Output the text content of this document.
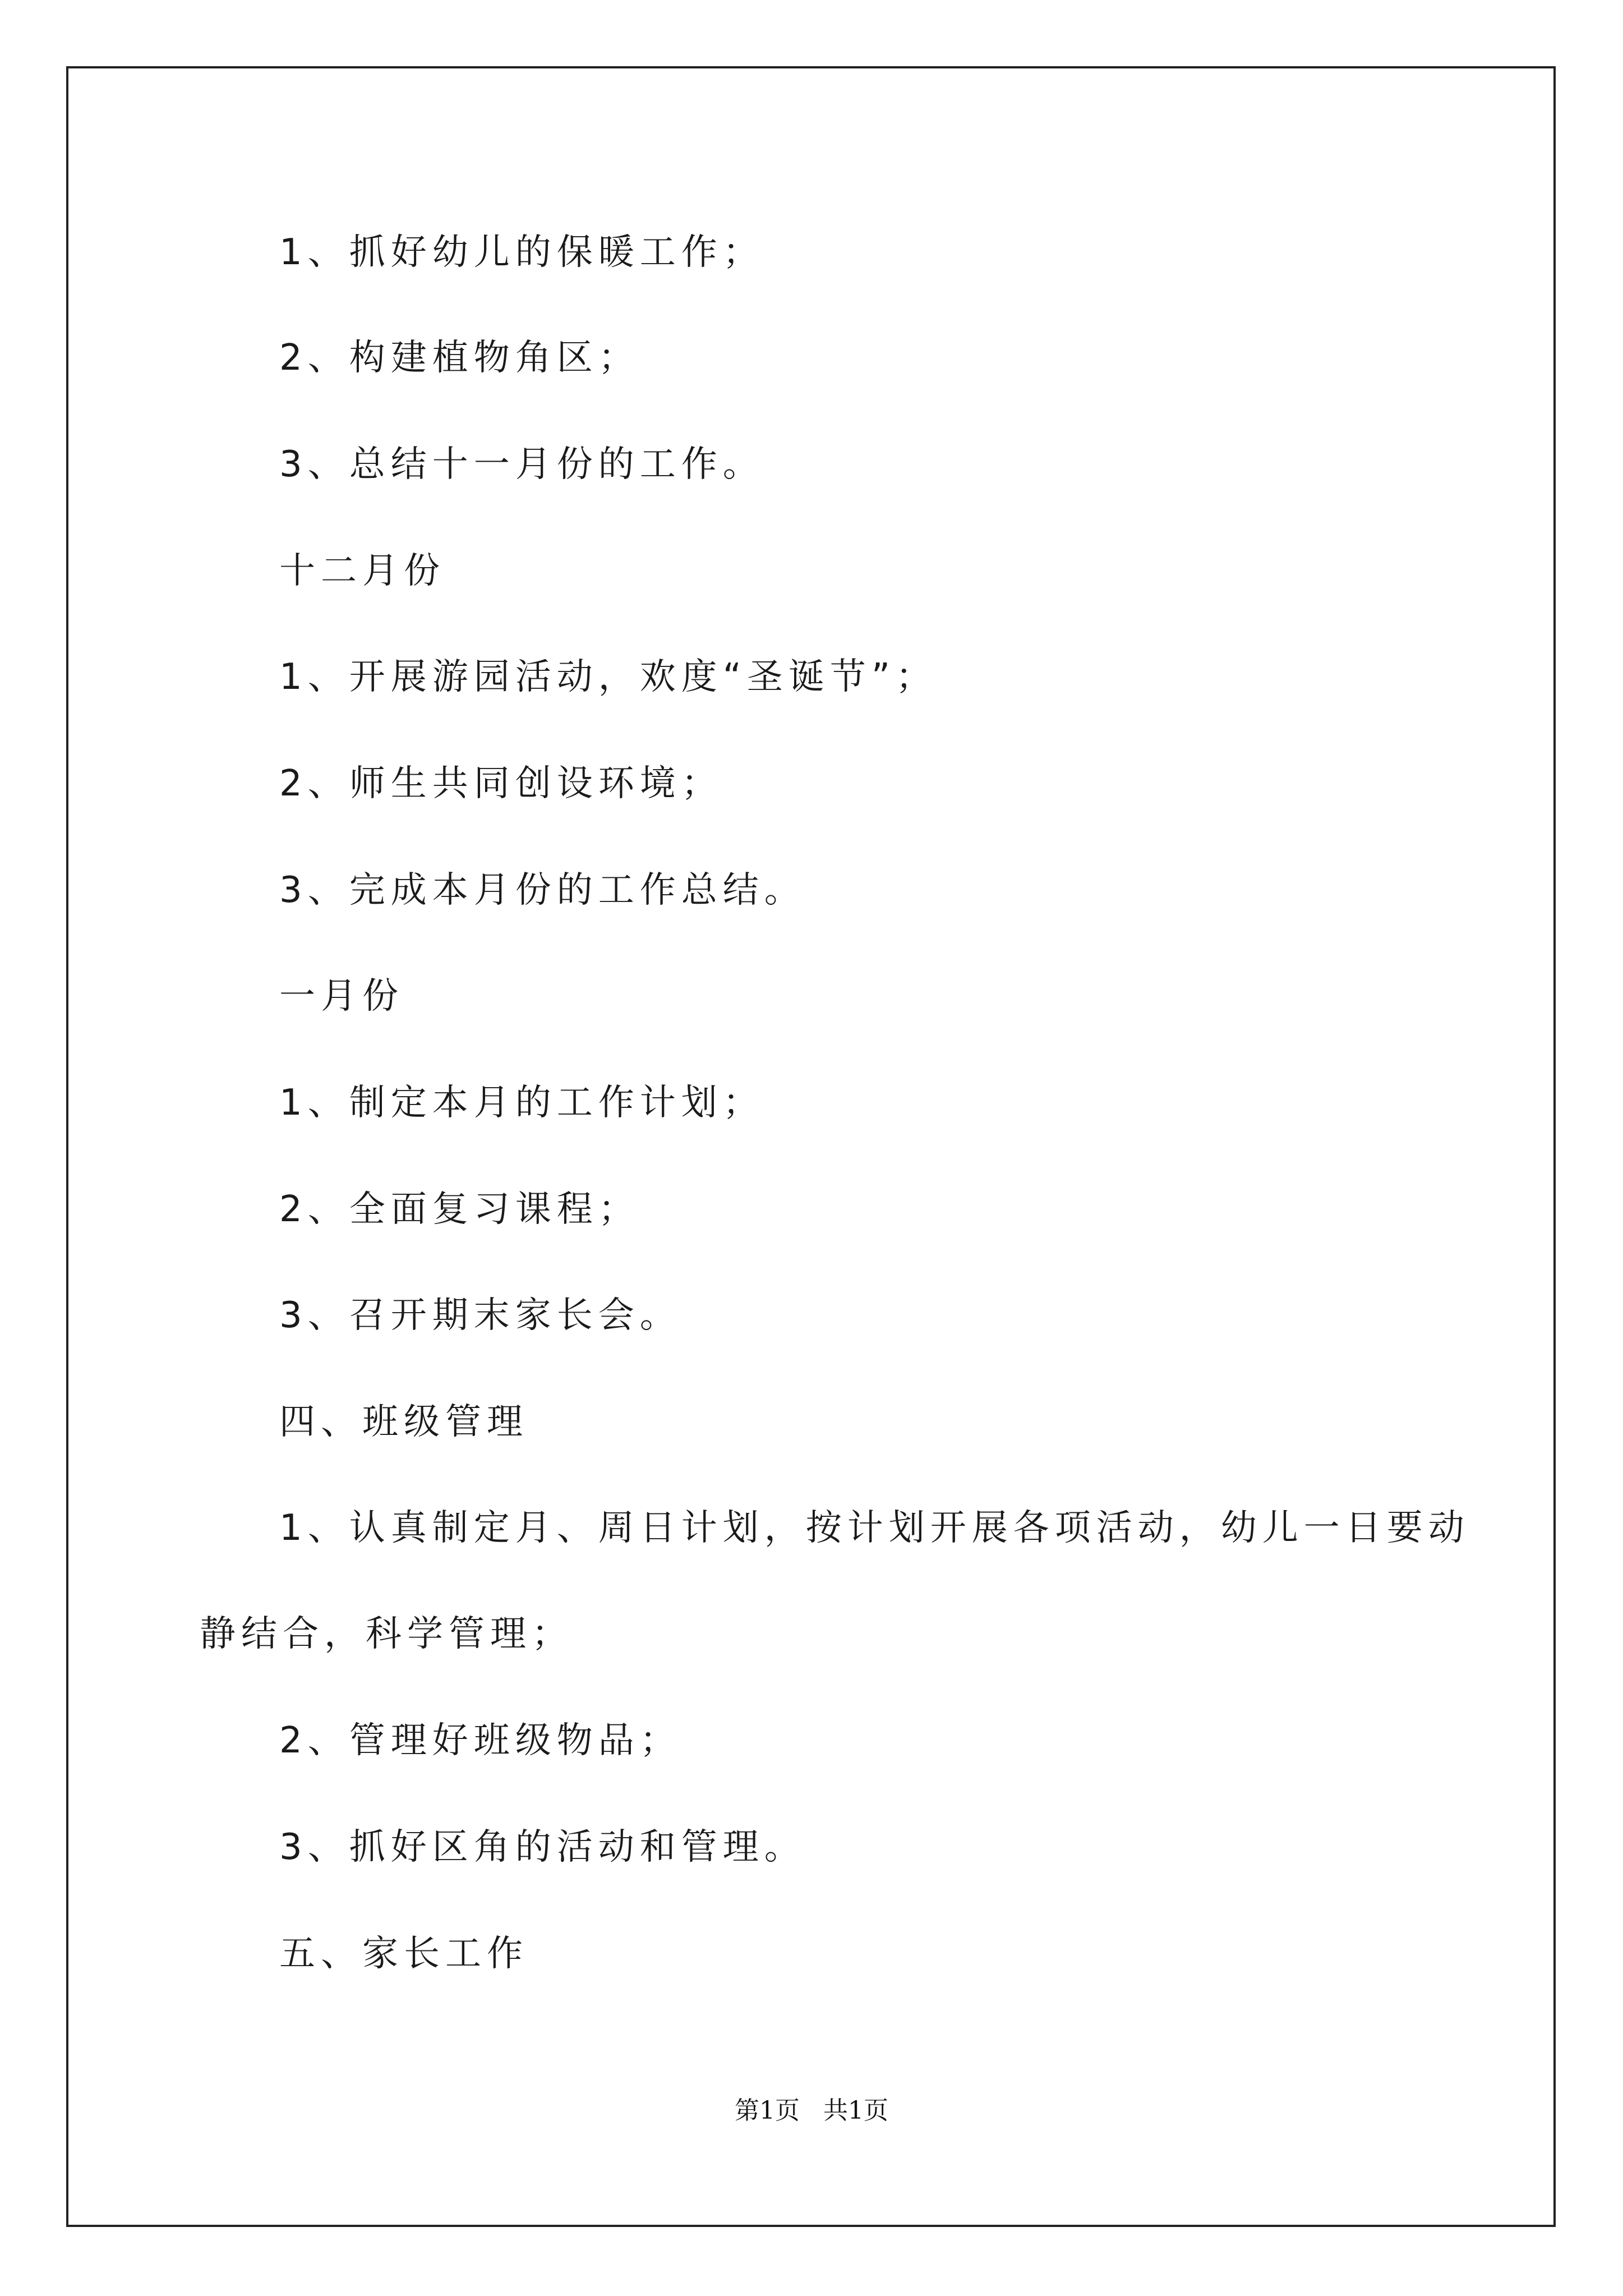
1、抓好幼儿的保暖工作；
2、构建植物角区；
3、总结十一月份的工作。
十二月份
1、开展游园活动，欢度“圣诞节”；
2、师生共同创设环境；
3、完成本月份的工作总结。
一月份
1、制定本月的工作计划；
2、全面复习课程；
3、召开期末家长会。
四、班级管理
1、认真制定月、周日计划，按计划开展各项活动，幼儿一日要动
静结合，科学管理；
2、管理好班级物品；
3、抓好区角的活动和管理。
五、家长工作
第1页 共1页
